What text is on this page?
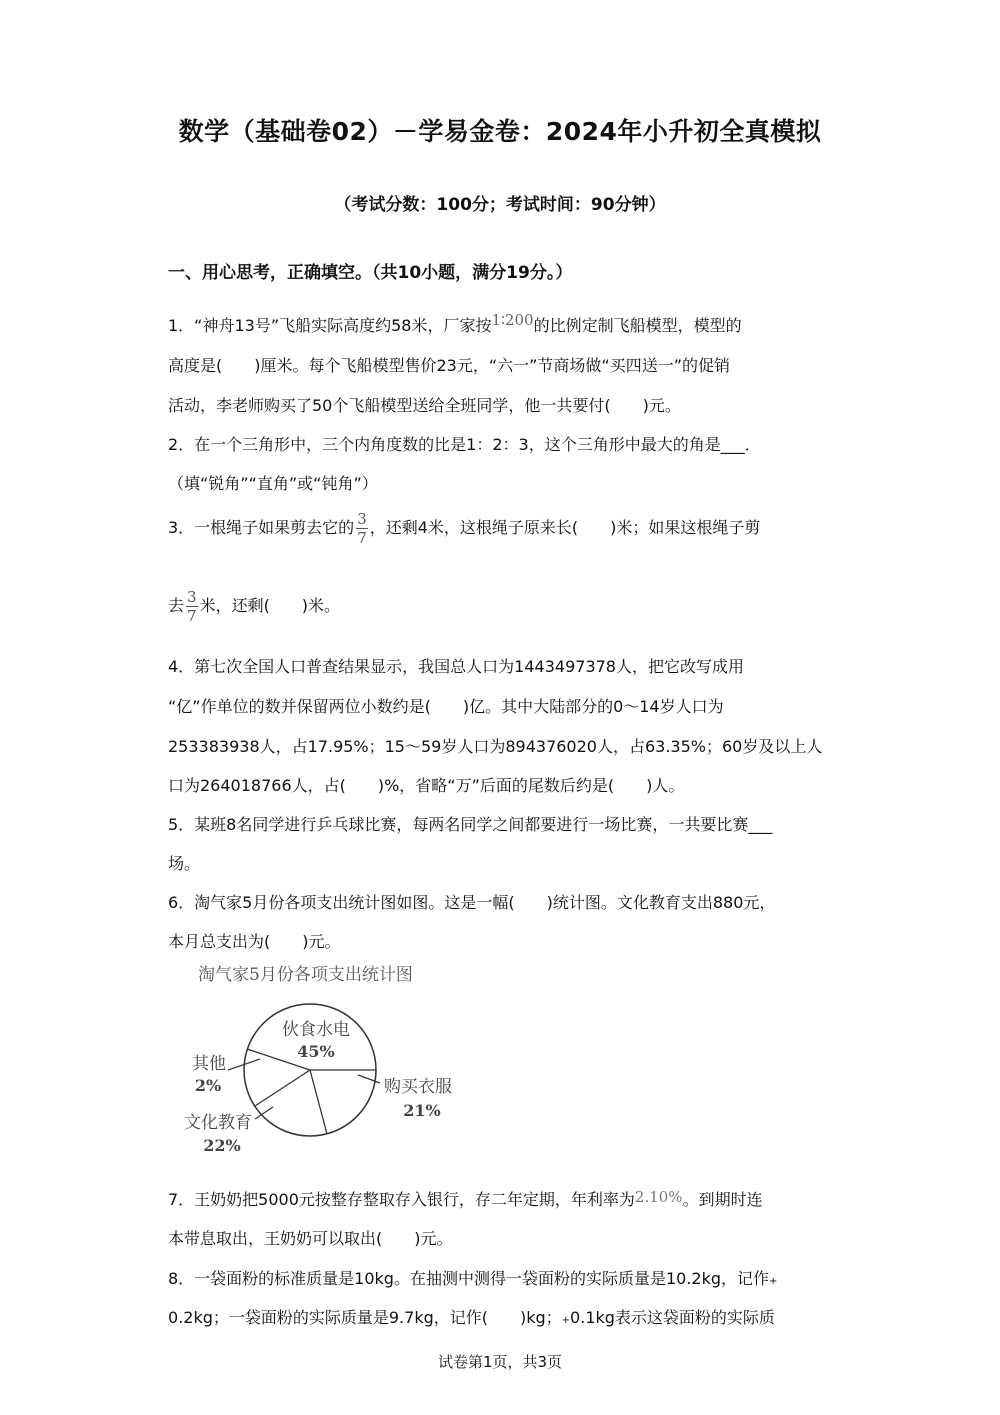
数学（基础卷02）－学易金卷：2024年小升初全真模拟
（考试分数：100分；考试时间：90分钟）
一、用心思考，正确填空。（共10小题，满分19分。）
1．“神舟13号”飞船实际高度约58米，厂家按1∶200的比例定制飞船模型，模型的
高度是(　　)厘米。每个飞船模型售价23元，“六一”节商场做“买四送一”的促销
活动，李老师购买了50个飞船模型送给全班同学，他一共要付(　　)元。
2．在一个三角形中，三个内角度数的比是1：2：3，这个三角形中最大的角是___．
（填“锐角”“直角”或“钝角”）
3．一根绳子如果剪去它的 $\frac{3}{7}$ ，还剩4米，这根绳子原来长(　　)米；如果这根绳子剪
去 $\frac{3}{7}$ 米，还剩(　　)米。
4．第七次全国人口普查结果显示，我国总人口为1443497378人，把它改写成用
“亿”作单位的数并保留两位小数约是(　　)亿。其中大陆部分的0～14岁人口为
253383938人，占17.95%；15～59岁人口为894376020人，占63.35%；60岁及以上人
口为264018766人，占(　　)%，省略“万”后面的尾数后约是(　　)人。
5．某班8名同学进行乒乓球比赛，每两名同学之间都要进行一场比赛，一共要比赛___
场。
6．淘气家5月份各项支出统计图如图。这是一幅(　　)统计图。文化教育支出880元，
本月总支出为(　　)元。
淘气家5月份各项支出统计图
伙食水电
45%
购买衣服
21%
文化教育
22%
其他
2%
7．王奶奶把5000元按整存整取存入银行，存二年定期，年利率为2.10%。到期时连
本带息取出，王奶奶可以取出(　　)元。
8．一袋面粉的标准质量是10kg。在抽测中测得一袋面粉的实际质量是10.2kg，记作+
0.2kg；一袋面粉的实际质量是9.7kg，记作(　　)kg；+0.1kg表示这袋面粉的实际质
试卷第1页，共3页
